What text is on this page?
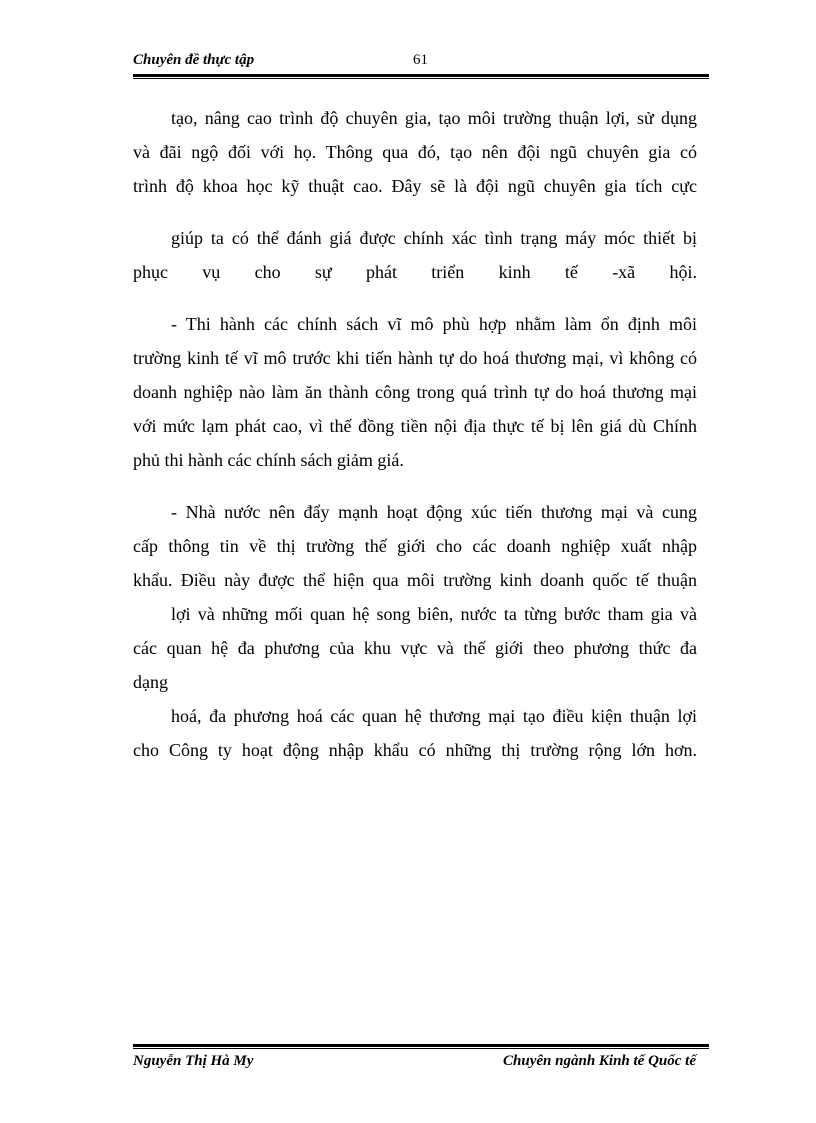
Chuyên đề thực tập	61
tạo, nâng cao trình độ chuyên gia, tạo môi trường thuận lợi, sử dụng
và đãi ngộ đối với họ. Thông qua đó, tạo nên đội ngũ chuyên gia có
trình độ khoa học kỹ thuật cao. Đây sẽ là đội ngũ chuyên gia tích cực
giúp ta có thể đánh giá được chính xác tình trạng máy móc thiết bị
phục vụ cho sự phát triển kinh tế -xã hội.
- Thi hành các chính sách vĩ mô phù hợp nhằm làm ổn định môi
trường kinh tế vĩ mô trước khi tiến hành tự do hoá thương mại, vì không có
doanh nghiệp nào làm ăn thành công trong quá trình tự do hoá thương mại
với mức lạm phát cao, vì thế đồng tiền nội địa thực tế bị lên giá dù Chính
phủ thi hành các chính sách giảm giá.
- Nhà nước nên đẩy mạnh hoạt động xúc tiến thương mại và cung
cấp thông tin về thị trường thế giới cho các doanh nghiệp xuất nhập
khẩu. Điều này được thể hiện qua môi trường kinh doanh quốc tế thuận
lợi và những mối quan hệ song biên, nước ta từng bước tham gia và
các quan hệ đa phương của khu vực và thế giới theo phương thức đa
dạng
hoá, đa phương hoá các quan hệ thương mại tạo điều kiện thuận lợi
cho Công ty hoạt động nhập khẩu có những thị trường rộng lớn hơn.
Nguyễn Thị Hà My	Chuyên ngành Kinh tế Quốc tế
